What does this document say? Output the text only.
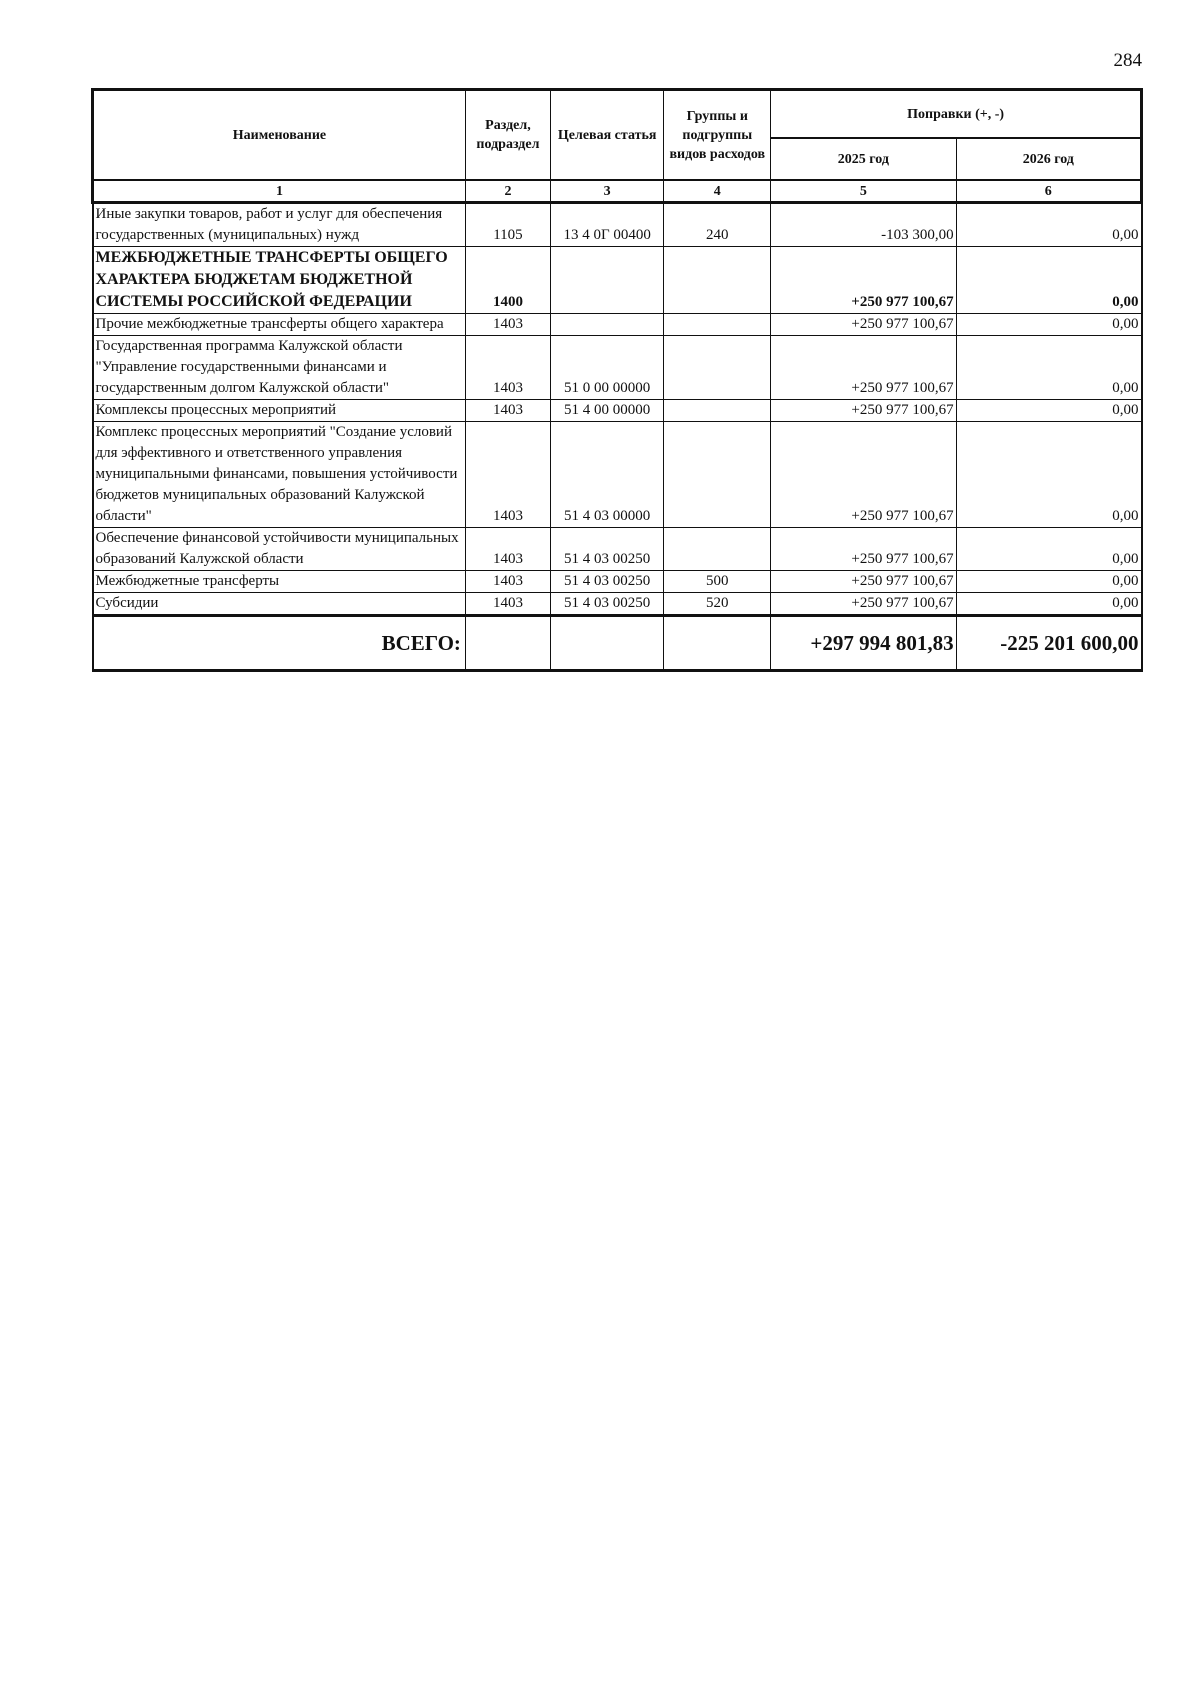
284
Наименование	Раздел, подраздел	Целевая статья	Группы и подгруппы видов расходов	Поправки (+, -)	
				2025 год	2026 год
1	2	3	4	5	6
Иные закупки товаров, работ и услуг для обеспечения государственных (муниципальных) нужд	1105	13 4 0Г 00400	240	-103 300,00	0,00
МЕЖБЮДЖЕТНЫЕ ТРАНСФЕРТЫ ОБЩЕГО ХАРАКТЕРА БЮДЖЕТАМ БЮДЖЕТНОЙ СИСТЕМЫ РОССИЙСКОЙ ФЕДЕРАЦИИ	1400			+250 977 100,67	0,00
Прочие межбюджетные трансферты общего характера	1403			+250 977 100,67	0,00
Государственная программа Калужской области "Управление государственными финансами и государственным долгом Калужской области"	1403	51 0 00 00000		+250 977 100,67	0,00
Комплексы процессных мероприятий	1403	51 4 00 00000		+250 977 100,67	0,00
Комплекс процессных мероприятий "Создание условий для эффективного и ответственного управления муниципальными финансами, повышения устойчивости бюджетов муниципальных образований Калужской области"	1403	51 4 03 00000		+250 977 100,67	0,00
Обеспечение финансовой устойчивости муниципальных образований Калужской области	1403	51 4 03 00250		+250 977 100,67	0,00
Межбюджетные трансферты	1403	51 4 03 00250	500	+250 977 100,67	0,00
Субсидии	1403	51 4 03 00250	520	+250 977 100,67	0,00
ВСЕГО:				+297 994 801,83	-225 201 600,00
